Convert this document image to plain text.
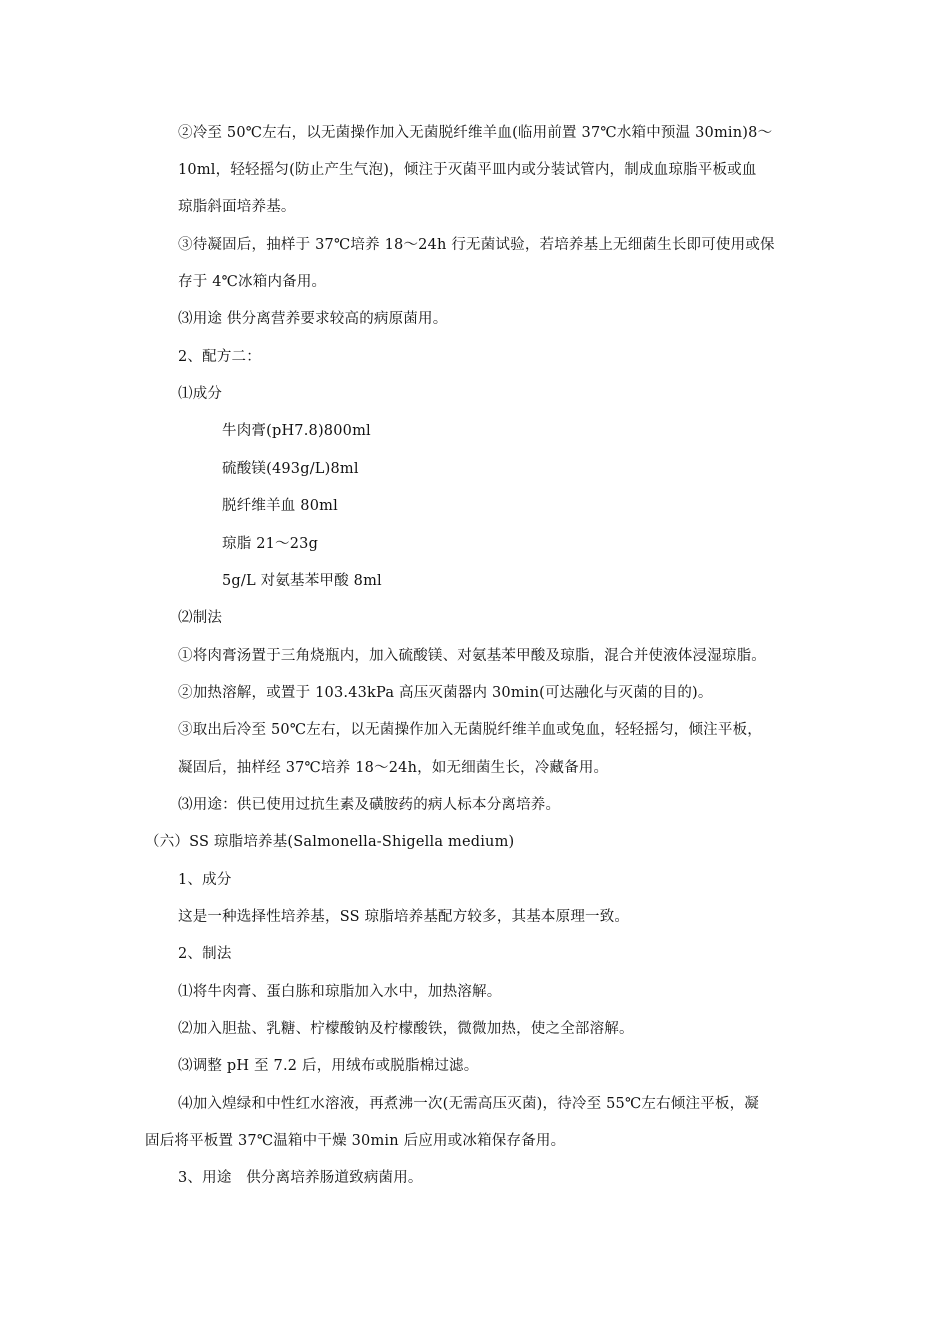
②冷至 50℃左右，以无菌操作加入无菌脱纤维羊血(临用前置 37℃水箱中预温 30min)8～
10ml，轻轻摇匀(防止产生气泡)，倾注于灭菌平皿内或分装试管内，制成血琼脂平板或血
琼脂斜面培养基。
③待凝固后，抽样于 37℃培养 18～24h 行无菌试验，若培养基上无细菌生长即可使用或保
存于 4℃冰箱内备用。
⑶用途 供分离营养要求较高的病原菌用。
2、配方二：
⑴成分
牛肉膏(pH7.8)800ml
硫酸镁(493g/L)8ml
脱纤维羊血 80ml
琼脂 21～23g
5g/L 对氨基苯甲酸 8ml
⑵制法
①将肉膏汤置于三角烧瓶内，加入硫酸镁、对氨基苯甲酸及琼脂，混合并使液体浸湿琼脂。
②加热溶解，或置于 103.43kPa 高压灭菌器内 30min(可达融化与灭菌的目的)。
③取出后冷至 50℃左右，以无菌操作加入无菌脱纤维羊血或兔血，轻轻摇匀，倾注平板，
凝固后，抽样经 37℃培养 18～24h，如无细菌生长，冷藏备用。
⑶用途：供已使用过抗生素及磺胺药的病人标本分离培养。
（六）SS 琼脂培养基(Salmonella-Shigella medium)
1、成分
这是一种选择性培养基，SS 琼脂培养基配方较多，其基本原理一致。
2、制法
⑴将牛肉膏、蛋白胨和琼脂加入水中，加热溶解。
⑵加入胆盐、乳糖、柠檬酸钠及柠檬酸铁，微微加热，使之全部溶解。
⑶调整 pH 至 7.2 后，用绒布或脱脂棉过滤。
⑷加入煌绿和中性红水溶液，再煮沸一次(无需高压灭菌)，待冷至 55℃左右倾注平板，凝
固后将平板置 37℃温箱中干燥 30min 后应用或冰箱保存备用。
3、用途　供分离培养肠道致病菌用。
